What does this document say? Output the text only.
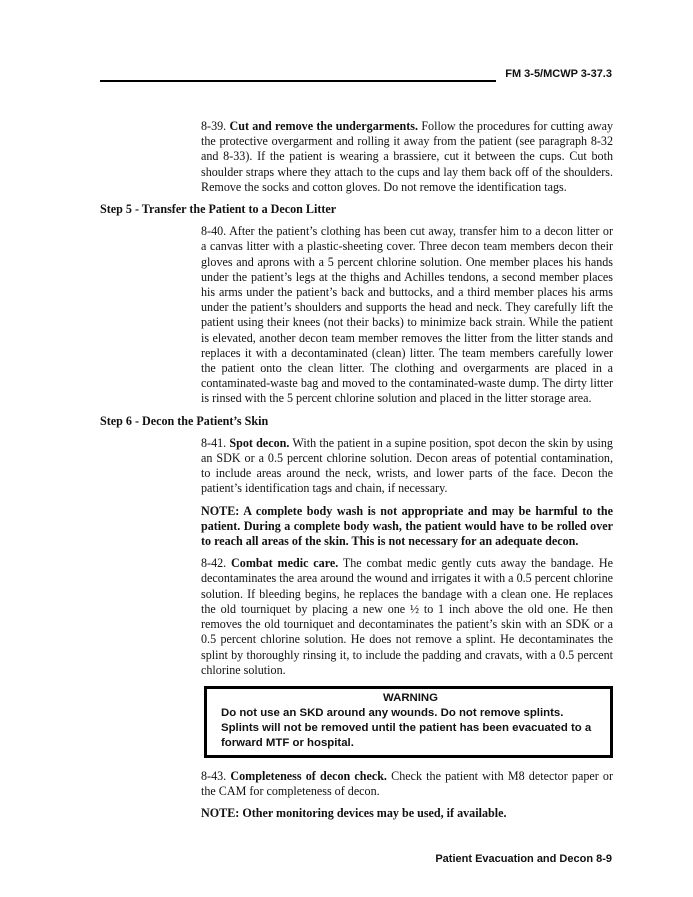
FM 3-5/MCWP 3-37.3

8-39. Cut and remove the undergarments. Follow the procedures for cutting away the protective overgarment and rolling it away from the patient (see paragraph 8-32 and 8-33). If the patient is wearing a brassiere, cut it between the cups. Cut both shoulder straps where they attach to the cups and lay them back off of the shoulders. Remove the socks and cotton gloves. Do not remove the identification tags.

Step 5 - Transfer the Patient to a Decon Litter

8-40. After the patient’s clothing has been cut away, transfer him to a decon litter or a canvas litter with a plastic-sheeting cover. Three decon team members decon their gloves and aprons with a 5 percent chlorine solution. One member places his hands under the patient’s legs at the thighs and Achilles tendons, a second member places his arms under the patient’s back and buttocks, and a third member places his arms under the patient’s shoulders and supports the head and neck. They carefully lift the patient using their knees (not their backs) to minimize back strain. While the patient is elevated, another decon team member removes the litter from the litter stands and replaces it with a decontaminated (clean) litter. The team members carefully lower the patient onto the clean litter. The clothing and overgarments are placed in a contaminated-waste bag and moved to the contaminated-waste dump. The dirty litter is rinsed with the 5 percent chlorine solution and placed in the litter storage area.

Step 6 - Decon the Patient’s Skin

8-41. Spot decon. With the patient in a supine position, spot decon the skin by using an SDK or a 0.5 percent chlorine solution. Decon areas of potential contamination, to include areas around the neck, wrists, and lower parts of the face. Decon the patient’s identification tags and chain, if necessary.

NOTE: A complete body wash is not appropriate and may be harmful to the patient. During a complete body wash, the patient would have to be rolled over to reach all areas of the skin. This is not necessary for an adequate decon.

8-42. Combat medic care. The combat medic gently cuts away the bandage. He decontaminates the area around the wound and irrigates it with a 0.5 percent chlorine solution. If bleeding begins, he replaces the bandage with a clean one. He replaces the old tourniquet by placing a new one ½ to 1 inch above the old one. He then removes the old tourniquet and decontaminates the patient’s skin with an SDK or a 0.5 percent chlorine solution. He does not remove a splint. He decontaminates the splint by thoroughly rinsing it, to include the padding and cravats, with a 0.5 percent chlorine solution.

WARNING
Do not use an SKD around any wounds. Do not remove splints. Splints will not be removed until the patient has been evacuated to a forward MTF or hospital.

8-43. Completeness of decon check. Check the patient with M8 detector paper or the CAM for completeness of decon.

NOTE: Other monitoring devices may be used, if available.

Patient Evacuation and Decon 8-9
